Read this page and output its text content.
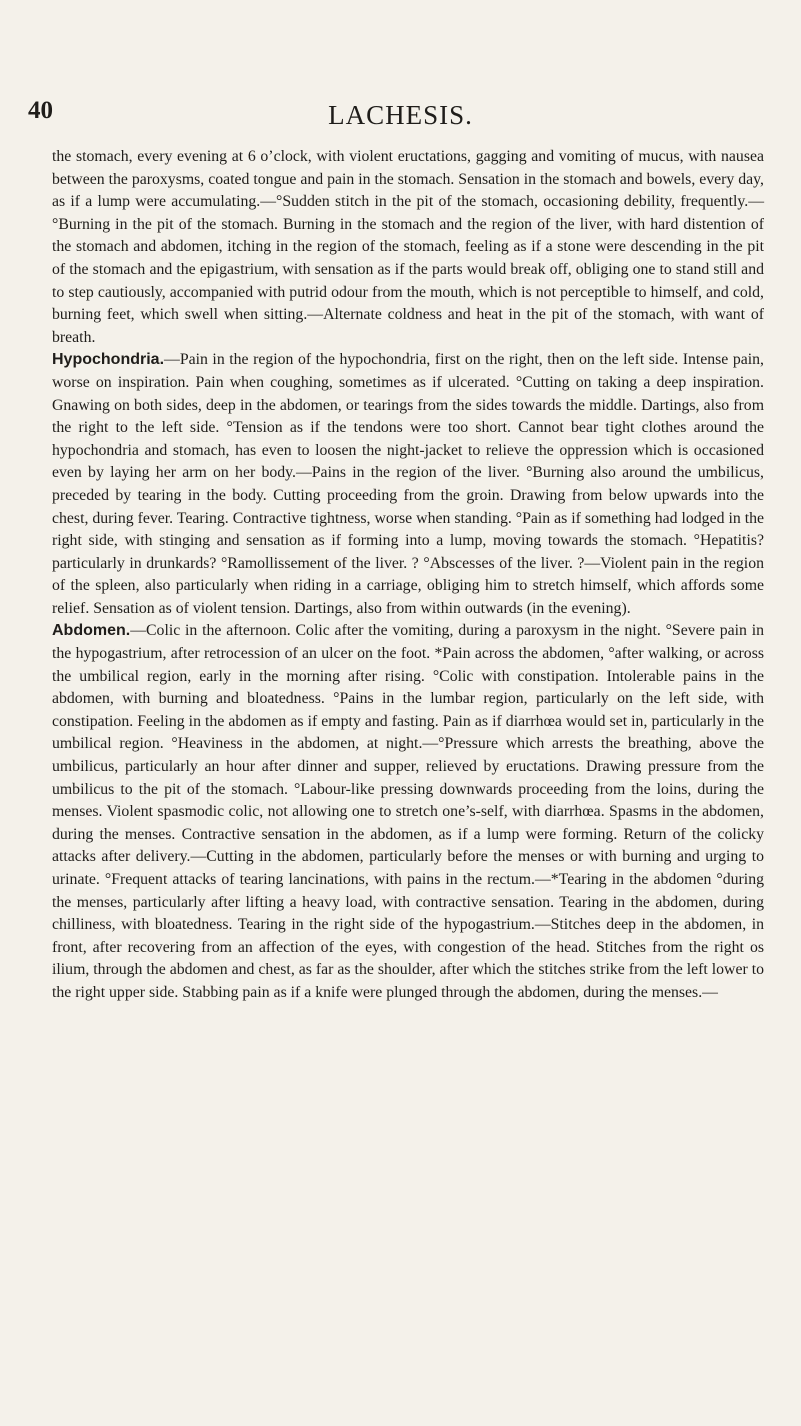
40	LACHESIS.

the stomach, every evening at 6 o’clock, with violent eructations, gagging and vomiting of mucus, with nausea between the paroxysms, coated tongue and pain in the stomach. Sensation in the stomach and bowels, every day, as if a lump were accumulating.—°Sudden stitch in the pit of the stomach, occasioning debility, frequently.—°Burning in the pit of the stomach. Burning in the stomach and the region of the liver, with hard distention of the stomach and abdomen, itching in the region of the stomach, feeling as if a stone were descending in the pit of the stomach and the epigastrium, with sensation as if the parts would break off, obliging one to stand still and to step cautiously, accompanied with putrid odour from the mouth, which is not perceptible to himself, and cold, burning feet, which swell when sitting.—Alternate coldness and heat in the pit of the stomach, with want of breath.

Hypochondria.—Pain in the region of the hypochondria, first on the right, then on the left side. Intense pain, worse on inspiration. Pain when coughing, sometimes as if ulcerated. °Cutting on taking a deep inspiration. Gnawing on both sides, deep in the abdomen, or tearings from the sides towards the middle. Dartings, also from the right to the left side. °Tension as if the tendons were too short. Cannot bear tight clothes around the hypochondria and stomach, has even to loosen the night-jacket to relieve the oppression which is occasioned even by laying her arm on her body.—Pains in the region of the liver. °Burning also around the umbilicus, preceded by tearing in the body. Cutting proceeding from the groin. Drawing from below upwards into the chest, during fever. Tearing. Contractive tightness, worse when standing. °Pain as if something had lodged in the right side, with stinging and sensation as if forming into a lump, moving towards the stomach. °Hepatitis? particularly in drunkards? °Ramollissement of the liver. ? °Abscesses of the liver. ?—Violent pain in the region of the spleen, also particularly when riding in a carriage, obliging him to stretch himself, which affords some relief. Sensation as of violent tension. Dartings, also from within outwards (in the evening).

Abdomen.—Colic in the afternoon. Colic after the vomiting, during a paroxysm in the night. °Severe pain in the hypogastrium, after retrocession of an ulcer on the foot. *Pain across the abdomen, °after walking, or across the umbilical region, early in the morning after rising. °Colic with constipation. Intolerable pains in the abdomen, with burning and bloatedness. °Pains in the lumbar region, particularly on the left side, with constipation. Feeling in the abdomen as if empty and fasting. Pain as if diarrhœa would set in, particularly in the umbilical region. °Heaviness in the abdomen, at night.—°Pressure which arrests the breathing, above the umbilicus, particularly an hour after dinner and supper, relieved by eructations. Drawing pressure from the umbilicus to the pit of the stomach. °Labour-like pressing downwards proceeding from the loins, during the menses. Violent spasmodic colic, not allowing one to stretch one’s-self, with diarrhœa. Spasms in the abdomen, during the menses. Contractive sensation in the abdomen, as if a lump were forming. Return of the colicky attacks after delivery.—Cutting in the abdomen, particularly before the menses or with burning and urging to urinate. °Frequent attacks of tearing lancinations, with pains in the rectum.—*Tearing in the abdomen °during the menses, particularly after lifting a heavy load, with contractive sensation. Tearing in the abdomen, during chilliness, with bloatedness. Tearing in the right side of the hypogastrium.—Stitches deep in the abdomen, in front, after recovering from an affection of the eyes, with congestion of the head. Stitches from the right os ilium, through the abdomen and chest, as far as the shoulder, after which the stitches strike from the left lower to the right upper side. Stabbing pain as if a knife were plunged through the abdomen, during the menses.—
